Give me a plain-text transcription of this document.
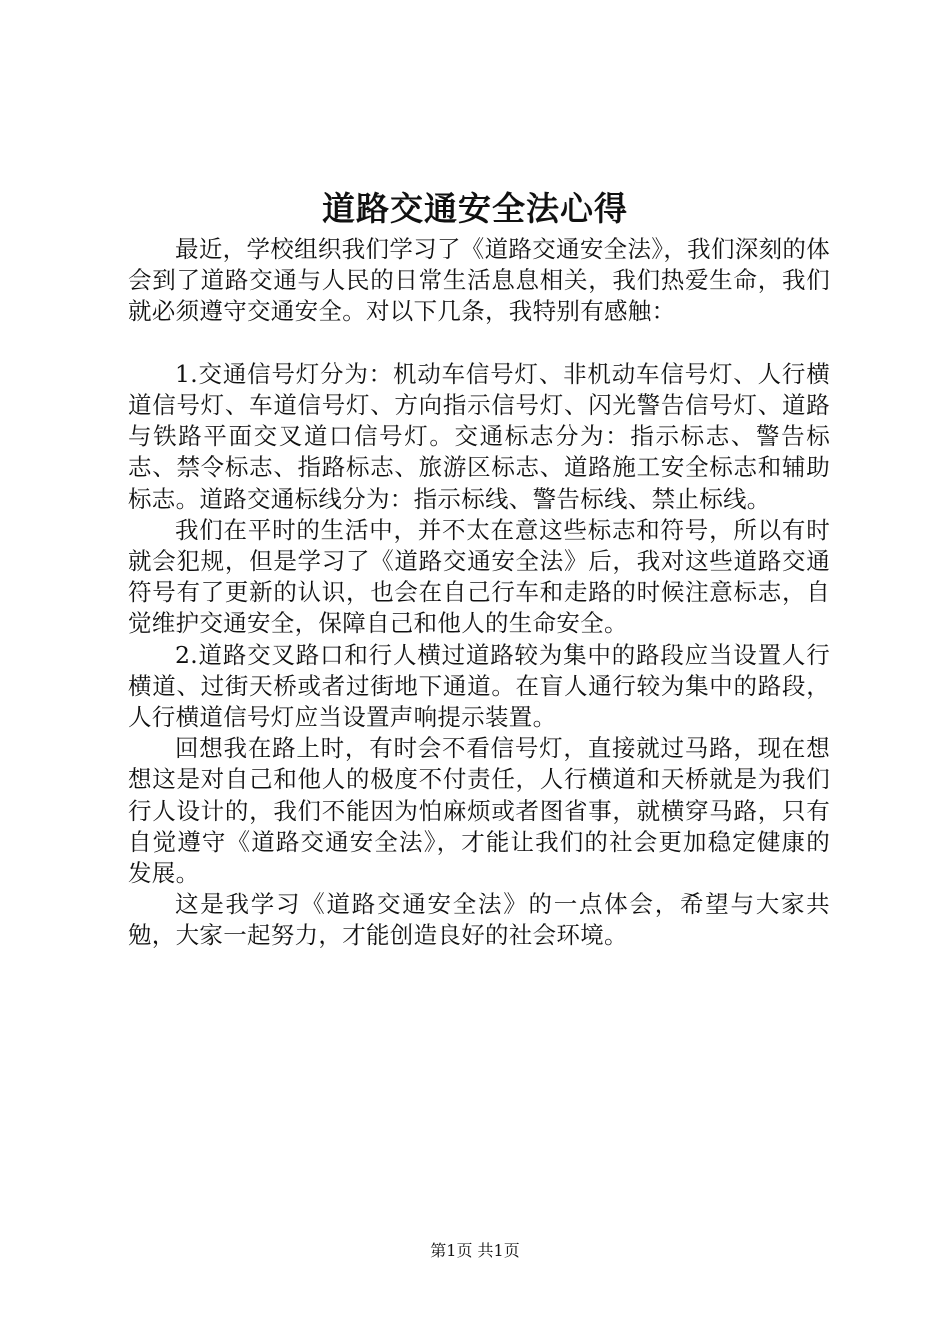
道路交通安全法心得

最近，学校组织我们学习了《道路交通安全法》，我们深刻的体会到了道路交通与人民的日常生活息息相关，我们热爱生命，我们就必须遵守交通安全。对以下几条，我特别有感触：

1.交通信号灯分为：机动车信号灯、非机动车信号灯、人行横道信号灯、车道信号灯、方向指示信号灯、闪光警告信号灯、道路与铁路平面交叉道口信号灯。交通标志分为：指示标志、警告标志、禁令标志、指路标志、旅游区标志、道路施工安全标志和辅助标志。道路交通标线分为：指示标线、警告标线、禁止标线。

我们在平时的生活中，并不太在意这些标志和符号，所以有时就会犯规，但是学习了《道路交通安全法》后，我对这些道路交通符号有了更新的认识，也会在自己行车和走路的时候注意标志，自觉维护交通安全，保障自己和他人的生命安全。

2.道路交叉路口和行人横过道路较为集中的路段应当设置人行横道、过街天桥或者过街地下通道。在盲人通行较为集中的路段，人行横道信号灯应当设置声响提示装置。

回想我在路上时，有时会不看信号灯，直接就过马路，现在想想这是对自己和他人的极度不付责任，人行横道和天桥就是为我们行人设计的，我们不能因为怕麻烦或者图省事，就横穿马路，只有自觉遵守《道路交通安全法》，才能让我们的社会更加稳定健康的发展。

这是我学习《道路交通安全法》的一点体会，希望与大家共勉，大家一起努力，才能创造良好的社会环境。

第1页 共1页
